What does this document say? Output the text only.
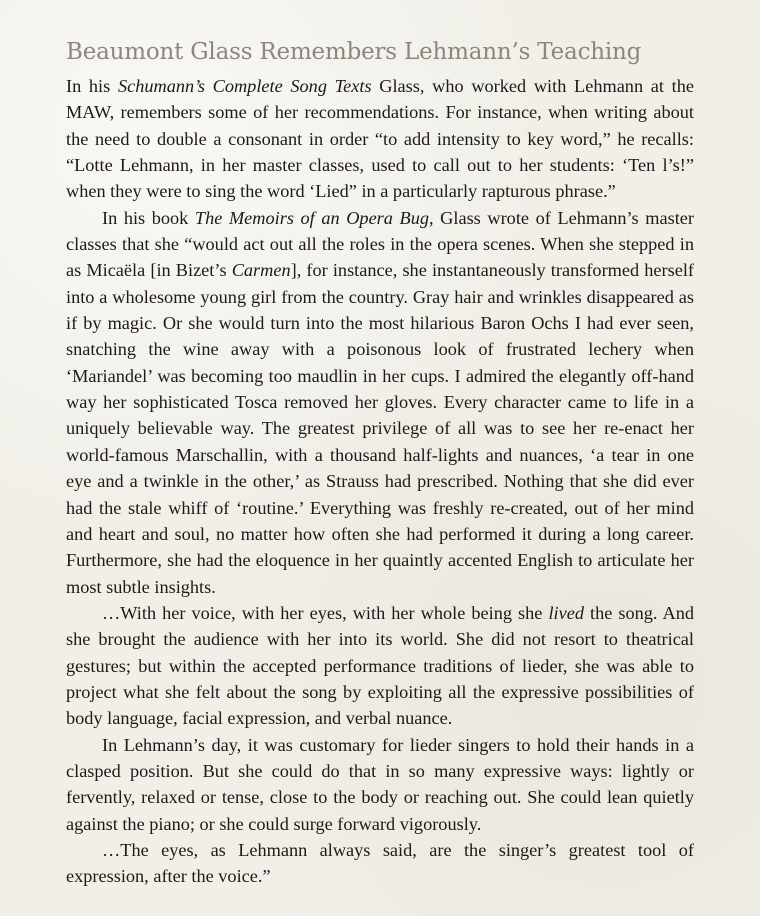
Beaumont Glass Remembers Lehmann’s Teaching

In his Schumann’s Complete Song Texts Glass, who worked with Lehmann at the MAW, remembers some of her recommendations. For instance, when writing about the need to double a consonant in order “to add intensity to key word,” he recalls: “Lotte Lehmann, in her master classes, used to call out to her students: ‘Ten l’s!” when they were to sing the word ‘Lied” in a particularly rapturous phrase.”

In his book The Memoirs of an Opera Bug, Glass wrote of Lehmann’s master classes that she “would act out all the roles in the opera scenes. When she stepped in as Micaëla [in Bizet’s Carmen], for instance, she instantaneously transformed herself into a wholesome young girl from the country. Gray hair and wrinkles disappeared as if by magic. Or she would turn into the most hilarious Baron Ochs I had ever seen, snatching the wine away with a poisonous look of frustrated lechery when ‘Mariandel’ was becoming too maudlin in her cups. I admired the elegantly off-hand way her sophisticated Tosca removed her gloves. Every character came to life in a uniquely believable way. The greatest privilege of all was to see her re-enact her world-famous Marschallin, with a thousand half-lights and nuances, ‘a tear in one eye and a twinkle in the other,’ as Strauss had prescribed. Nothing that she did ever had the stale whiff of ‘routine.’ Everything was freshly re-created, out of her mind and heart and soul, no matter how often she had performed it during a long career. Furthermore, she had the eloquence in her quaintly accented English to articulate her most subtle insights.

…With her voice, with her eyes, with her whole being she lived the song. And she brought the audience with her into its world. She did not resort to theatrical gestures; but within the accepted performance traditions of lieder, she was able to project what she felt about the song by exploiting all the expressive possibilities of body language, facial expression, and verbal nuance.

In Lehmann’s day, it was customary for lieder singers to hold their hands in a clasped position. But she could do that in so many expressive ways: lightly or fervently, relaxed or tense, close to the body or reaching out. She could lean quietly against the piano; or she could surge forward vigorously.

…The eyes, as Lehmann always said, are the singer’s greatest tool of expression, after the voice.”
